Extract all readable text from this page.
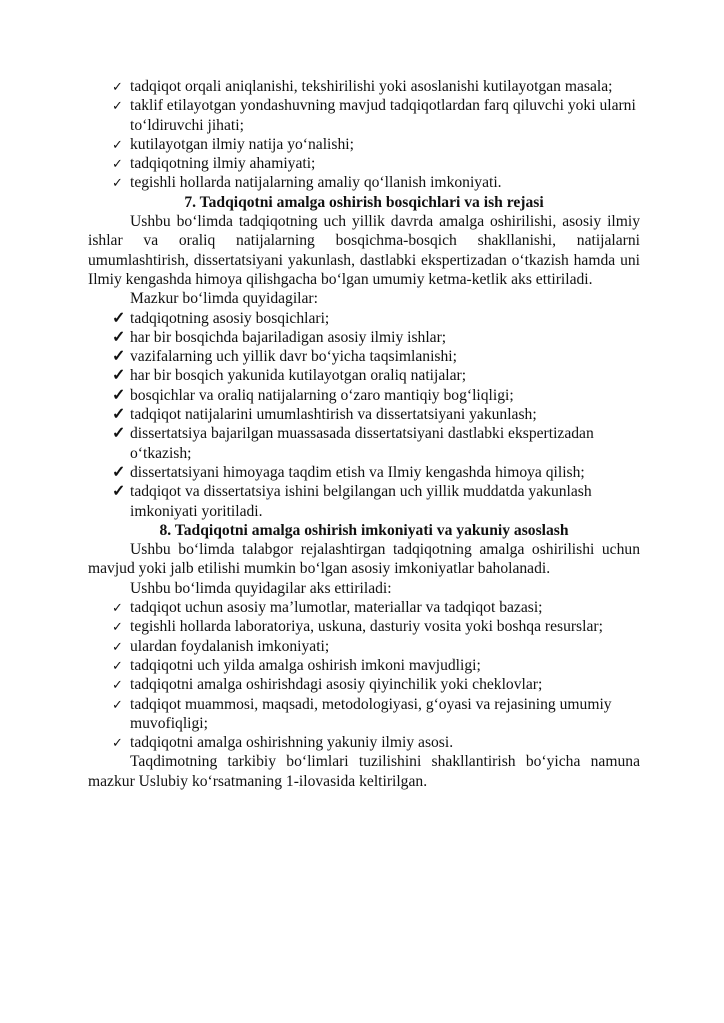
✓ tadqiqot orqali aniqlanishi, tekshirilishi yoki asoslanishi kutilayotgan masala;
✓ taklif etilayotgan yondashuvning mavjud tadqiqotlardan farq qiluvchi yoki ularni to‘ldiruvchi jihati;
✓ kutilayotgan ilmiy natija yo‘nalishi;
✓ tadqiqotning ilmiy ahamiyati;
✓ tegishli hollarda natijalarning amaliy qo‘llanish imkoniyati.

7. Tadqiqotni amalga oshirish bosqichlari va ish rejasi

Ushbu bo‘limda tadqiqotning uch yillik davrda amalga oshirilishi, asosiy ilmiy ishlar va oraliq natijalarning bosqichma-bosqich shakllanishi, natijalarni umumlashtirish, dissertatsiyani yakunlash, dastlabki ekspertizadan o‘tkazish hamda uni Ilmiy kengashda himoya qilishgacha bo‘lgan umumiy ketma-ketlik aks ettiriladi.

Mazkur bo‘limda quyidagilar:

✓ tadqiqotning asosiy bosqichlari;
✓ har bir bosqichda bajariladigan asosiy ilmiy ishlar;
✓ vazifalarning uch yillik davr bo‘yicha taqsimlanishi;
✓ har bir bosqich yakunida kutilayotgan oraliq natijalar;
✓ bosqichlar va oraliq natijalarning o‘zaro mantiqiy bog‘liqligi;
✓ tadqiqot natijalarini umumlashtirish va dissertatsiyani yakunlash;
✓ dissertatsiya bajarilgan muassasada dissertatsiyani dastlabki ekspertizadan o‘tkazish;
✓ dissertatsiyani himoyaga taqdim etish va Ilmiy kengashda himoya qilish;
✓ tadqiqot va dissertatsiya ishini belgilangan uch yillik muddatda yakunlash imkoniyati yoritiladi.

8. Tadqiqotni amalga oshirish imkoniyati va yakuniy asoslash

Ushbu bo‘limda talabgor rejalashtirgan tadqiqotning amalga oshirilishi uchun mavjud yoki jalb etilishi mumkin bo‘lgan asosiy imkoniyatlar baholanadi.

Ushbu bo‘limda quyidagilar aks ettiriladi:

✓ tadqiqot uchun asosiy ma’lumotlar, materiallar va tadqiqot bazasi;
✓ tegishli hollarda laboratoriya, uskuna, dasturiy vosita yoki boshqa resurslar;
✓ ulardan foydalanish imkoniyati;
✓ tadqiqotni uch yilda amalga oshirish imkoni mavjudligi;
✓ tadqiqotni amalga oshirishdagi asosiy qiyinchilik yoki cheklovlar;
✓ tadqiqot muammosi, maqsadi, metodologiyasi, g‘oyasi va rejasining umumiy muvofiqligi;
✓ tadqiqotni amalga oshirishning yakuniy ilmiy asosi.

Taqdimotning tarkibiy bo‘limlari tuzilishini shakllantirish bo‘yicha namuna mazkur Uslubiy ko‘rsatmaning 1-ilovasida keltirilgan.
